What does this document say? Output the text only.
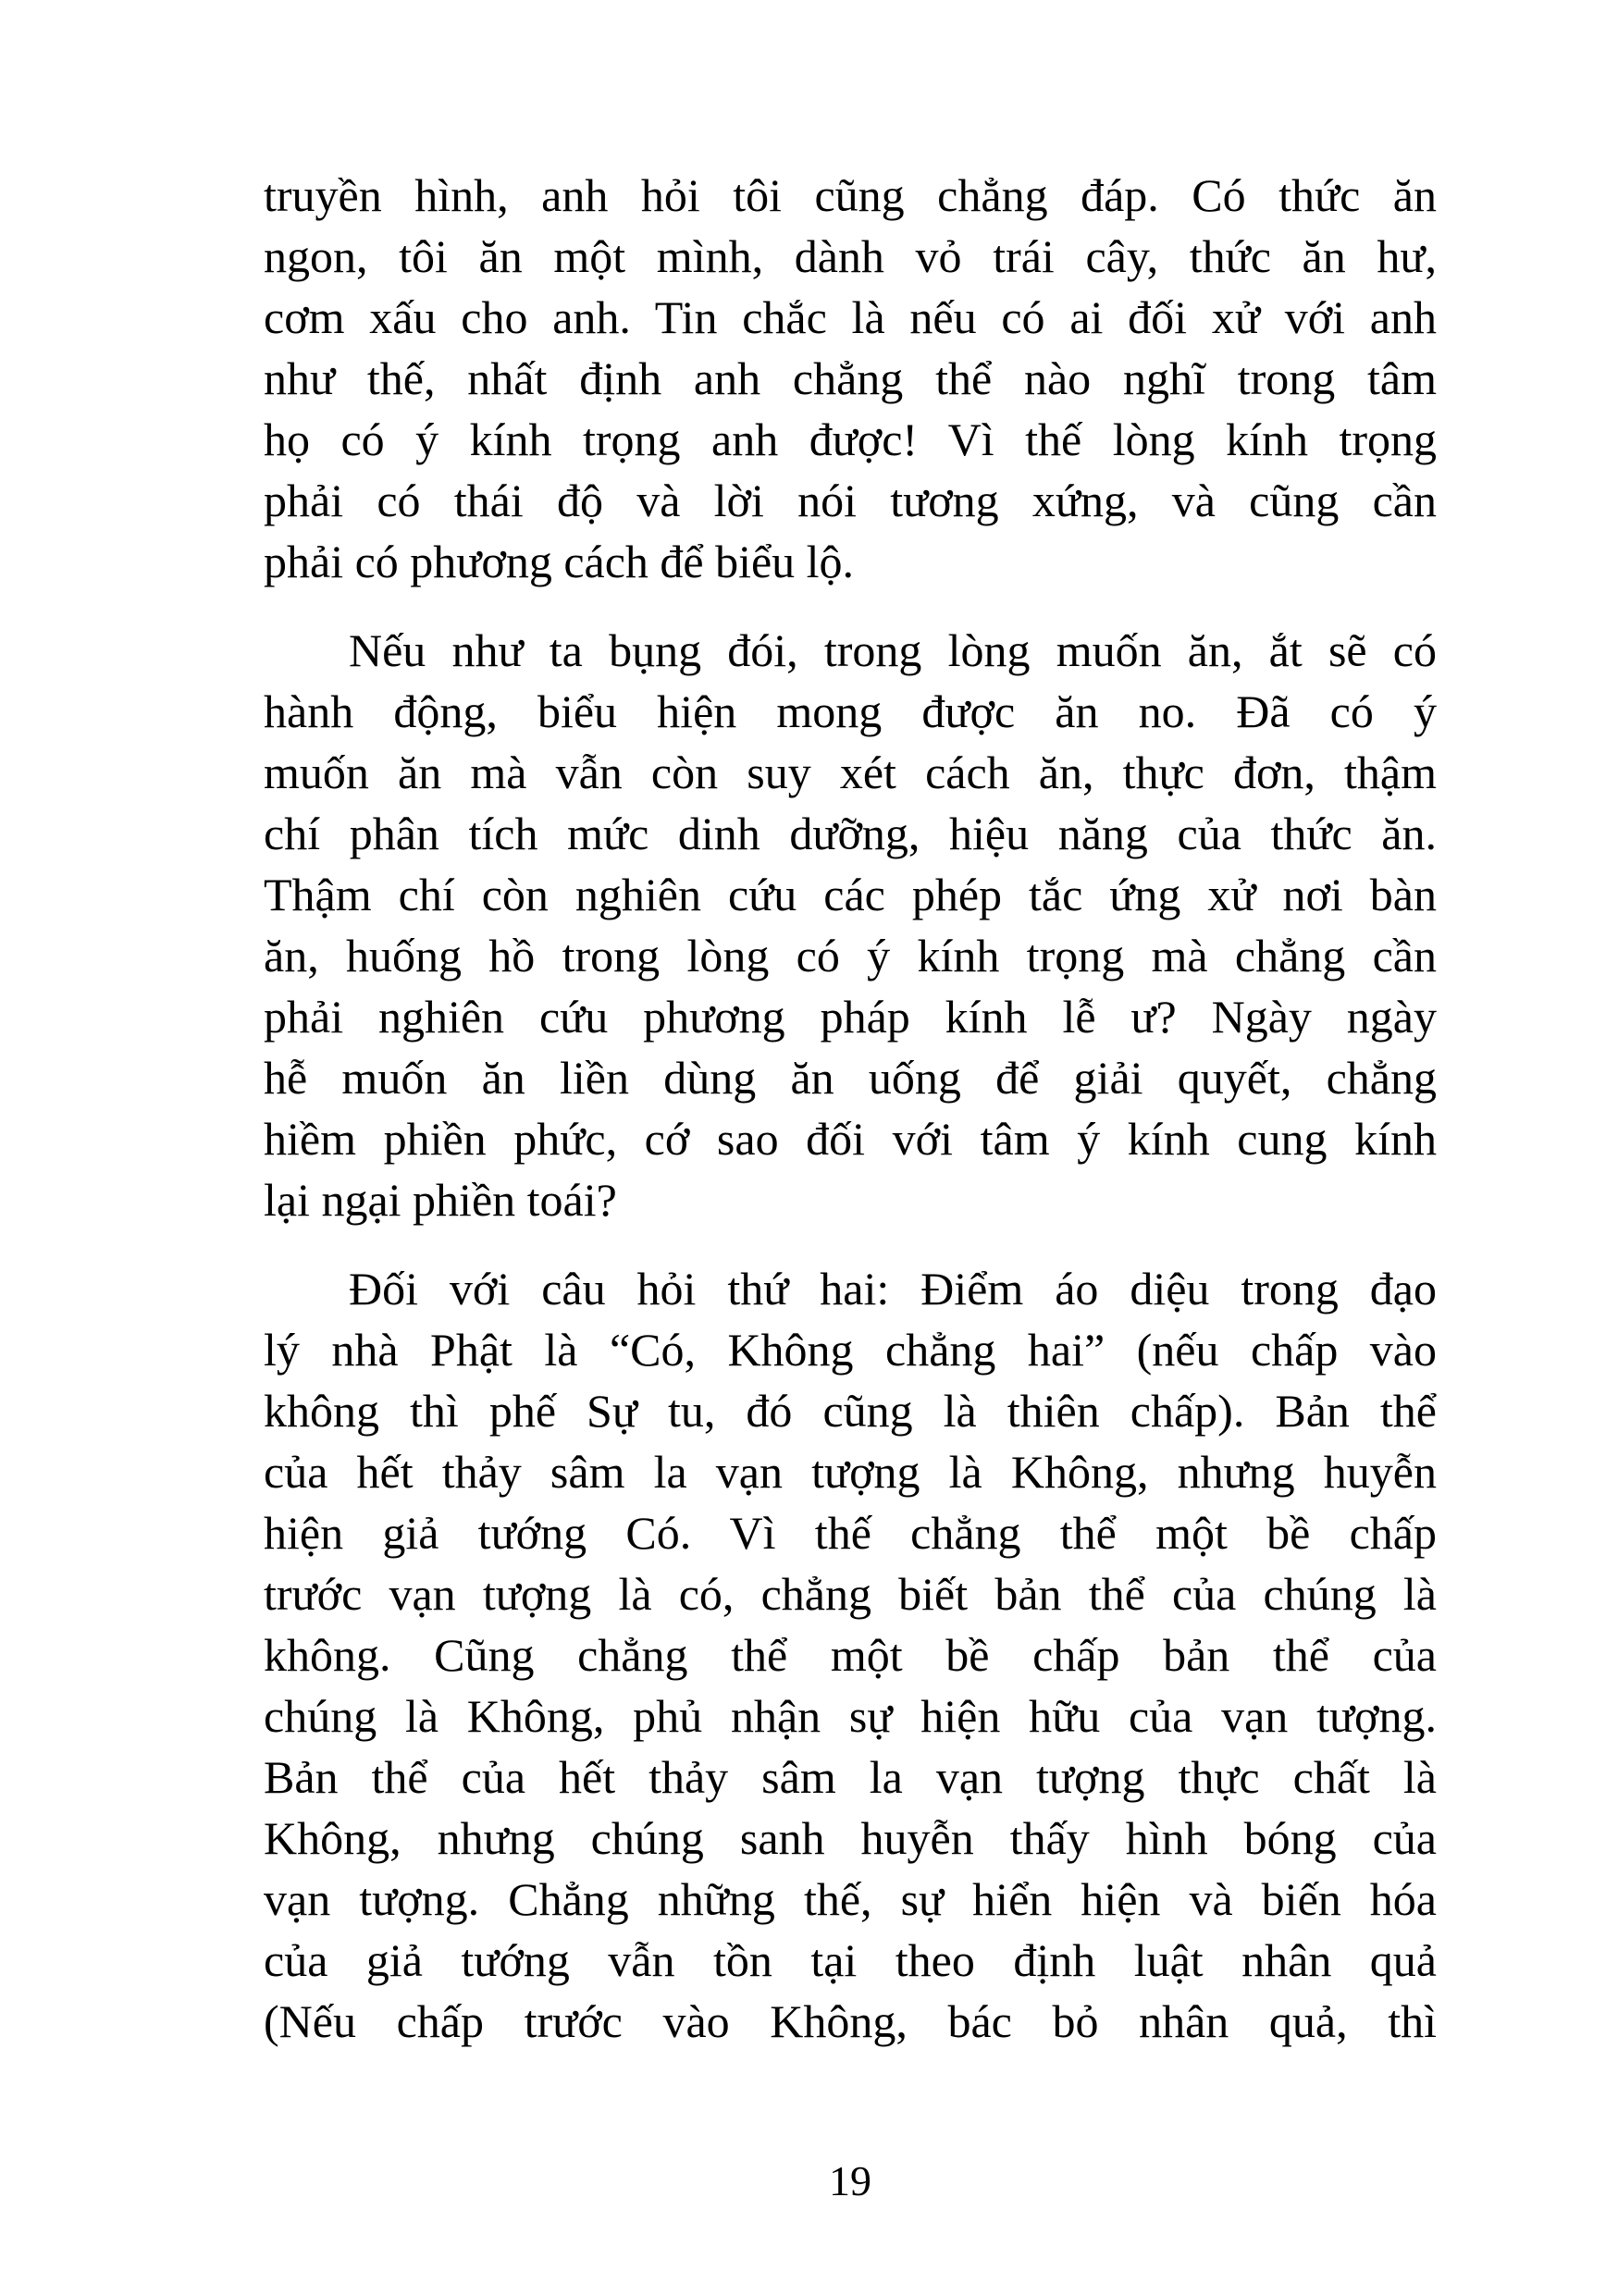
truyền hình, anh hỏi tôi cũng chẳng đáp. Có thức ăn
ngon, tôi ăn một mình, dành vỏ trái cây, thức ăn hư,
cơm xấu cho anh. Tin chắc là nếu có ai đối xử với anh
như thế, nhất định anh chẳng thể nào nghĩ trong tâm
họ có ý kính trọng anh được! Vì thế lòng kính trọng
phải có thái độ và lời nói tương xứng, và cũng cần
phải có phương cách để biểu lộ.
Nếu như ta bụng đói, trong lòng muốn ăn, ắt sẽ có
hành động, biểu hiện mong được ăn no. Đã có ý
muốn ăn mà vẫn còn suy xét cách ăn, thực đơn, thậm
chí phân tích mức dinh dưỡng, hiệu năng của thức ăn.
Thậm chí còn nghiên cứu các phép tắc ứng xử nơi bàn
ăn, huống hồ trong lòng có ý kính trọng mà chẳng cần
phải nghiên cứu phương pháp kính lễ ư? Ngày ngày
hễ muốn ăn liền dùng ăn uống để giải quyết, chẳng
hiềm phiền phức, cớ sao đối với tâm ý kính cung kính
lại ngại phiền toái?
Đối với câu hỏi thứ hai: Điểm áo diệu trong đạo
lý nhà Phật là “Có, Không chẳng hai” (nếu chấp vào
không thì phế Sự tu, đó cũng là thiên chấp). Bản thể
của hết thảy sâm la vạn tượng là Không, nhưng huyễn
hiện giả tướng Có. Vì thế chẳng thể một bề chấp
trước vạn tượng là có, chẳng biết bản thể của chúng là
không. Cũng chẳng thể một bề chấp bản thể của
chúng là Không, phủ nhận sự hiện hữu của vạn tượng.
Bản thể của hết thảy sâm la vạn tượng thực chất là
Không, nhưng chúng sanh huyễn thấy hình bóng của
vạn tượng. Chẳng những thế, sự hiển hiện và biến hóa
của giả tướng vẫn tồn tại theo định luật nhân quả
(Nếu chấp trước vào Không, bác bỏ nhân quả, thì
19
